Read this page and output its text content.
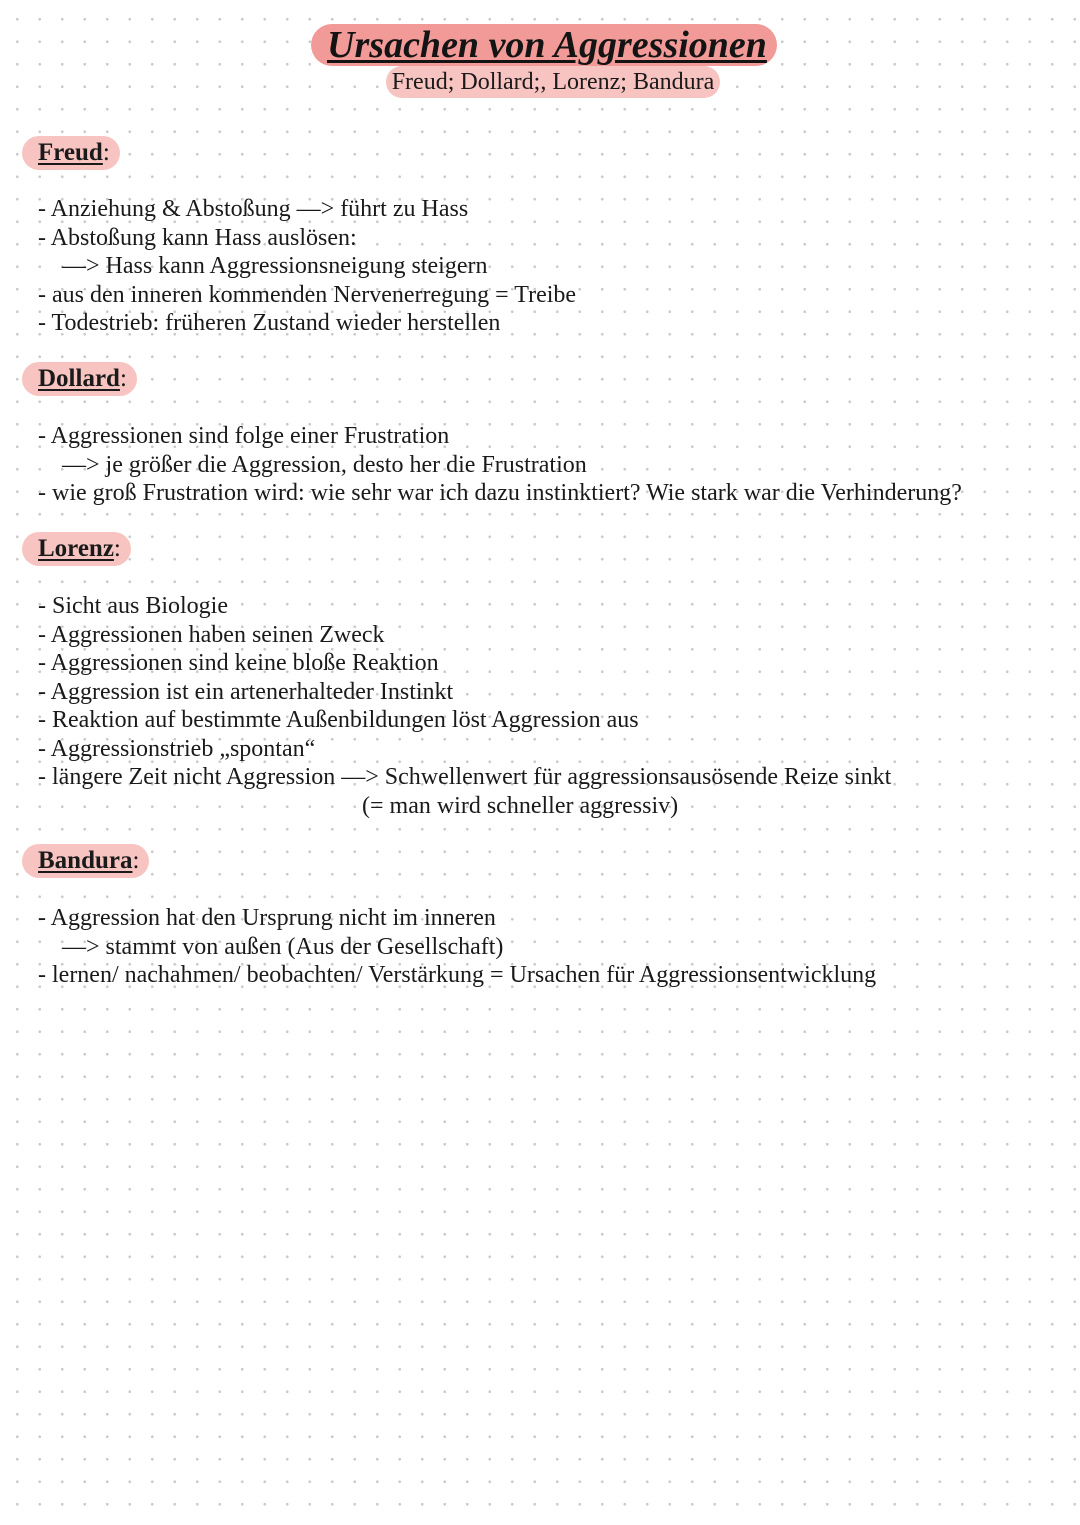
Ursachen von Aggressionen
Freud; Dollard;, Lorenz; Bandura
Freud:
- Anziehung & Abstoßung —> führt zu Hass
- Abstoßung kann Hass auslösen:
—> Hass kann Aggressionsneigung steigern
- aus den inneren kommenden Nervenerregung = Treibe
- Todestrieb: früheren Zustand wieder herstellen
Dollard:
- Aggressionen sind folge einer Frustration
—> je größer die Aggression, desto her die Frustration
- wie groß Frustration wird: wie sehr war ich dazu instinktiert? Wie stark war die Verhinderung?
Lorenz:
- Sicht aus Biologie
- Aggressionen haben seinen Zweck
- Aggressionen sind keine bloße Reaktion
- Aggression ist ein artenerhalteder Instinkt
- Reaktion auf bestimmte Außenbildungen löst Aggression aus
- Aggressionstrieb „spontan“
- längere Zeit nicht Aggression —> Schwellenwert für aggressionsausösende Reize sinkt
(= man wird schneller aggressiv)
Bandura:
- Aggression hat den Ursprung nicht im inneren
—> stammt von außen (Aus der Gesellschaft)
- lernen/ nachahmen/ beobachten/ Verstärkung = Ursachen für Aggressionsentwicklung
